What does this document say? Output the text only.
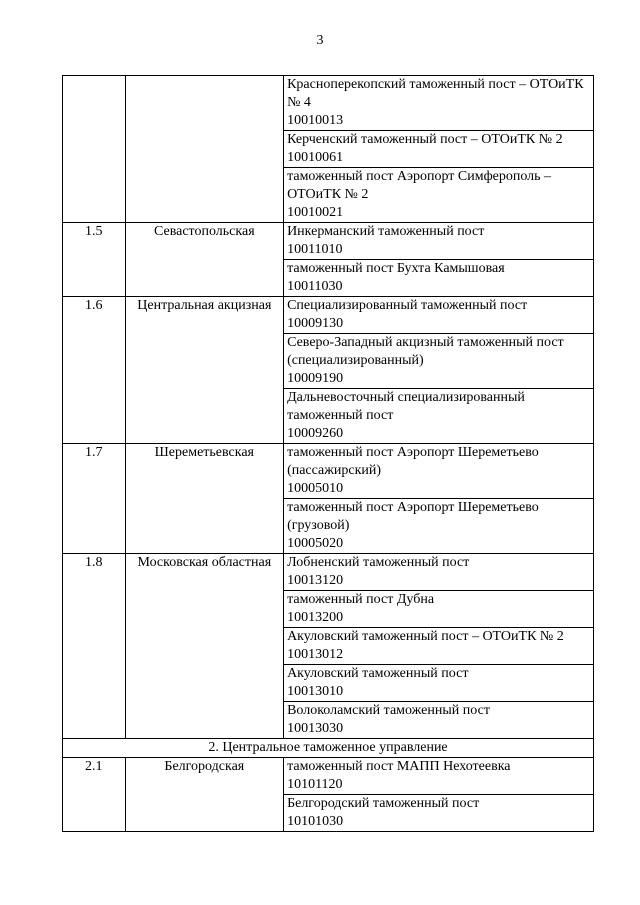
3

		Красноперекопский таможенный пост – ОТОиТК № 4
10010013

		Керченский таможенный пост – ОТОиТК № 2
10010061

		таможенный пост Аэропорт Симферополь – ОТОиТК № 2
10010021

1.5	Севастопольская	Инкерманский таможенный пост
10011010

		таможенный пост Бухта Камышовая
10011030

1.6	Центральная акцизная	Специализированный таможенный пост
10009130

		Северо-Западный акцизный таможенный пост (специализированный)
10009190

		Дальневосточный специализированный таможенный пост
10009260

1.7	Шереметьевская	таможенный пост Аэропорт Шереметьево (пассажирский)
10005010

		таможенный пост Аэропорт Шереметьево (грузовой)
10005020

1.8	Московская областная	Лобненский таможенный пост
10013120

		таможенный пост Дубна
10013200

		Акуловский таможенный пост – ОТОиТК № 2
10013012

		Акуловский таможенный пост
10013010

		Волоколамский таможенный пост
10013030

2. Центральное таможенное управление		
2.1	Белгородская	таможенный пост МАПП Нехотеевка
10101120

		Белгородский таможенный пост
10101030
